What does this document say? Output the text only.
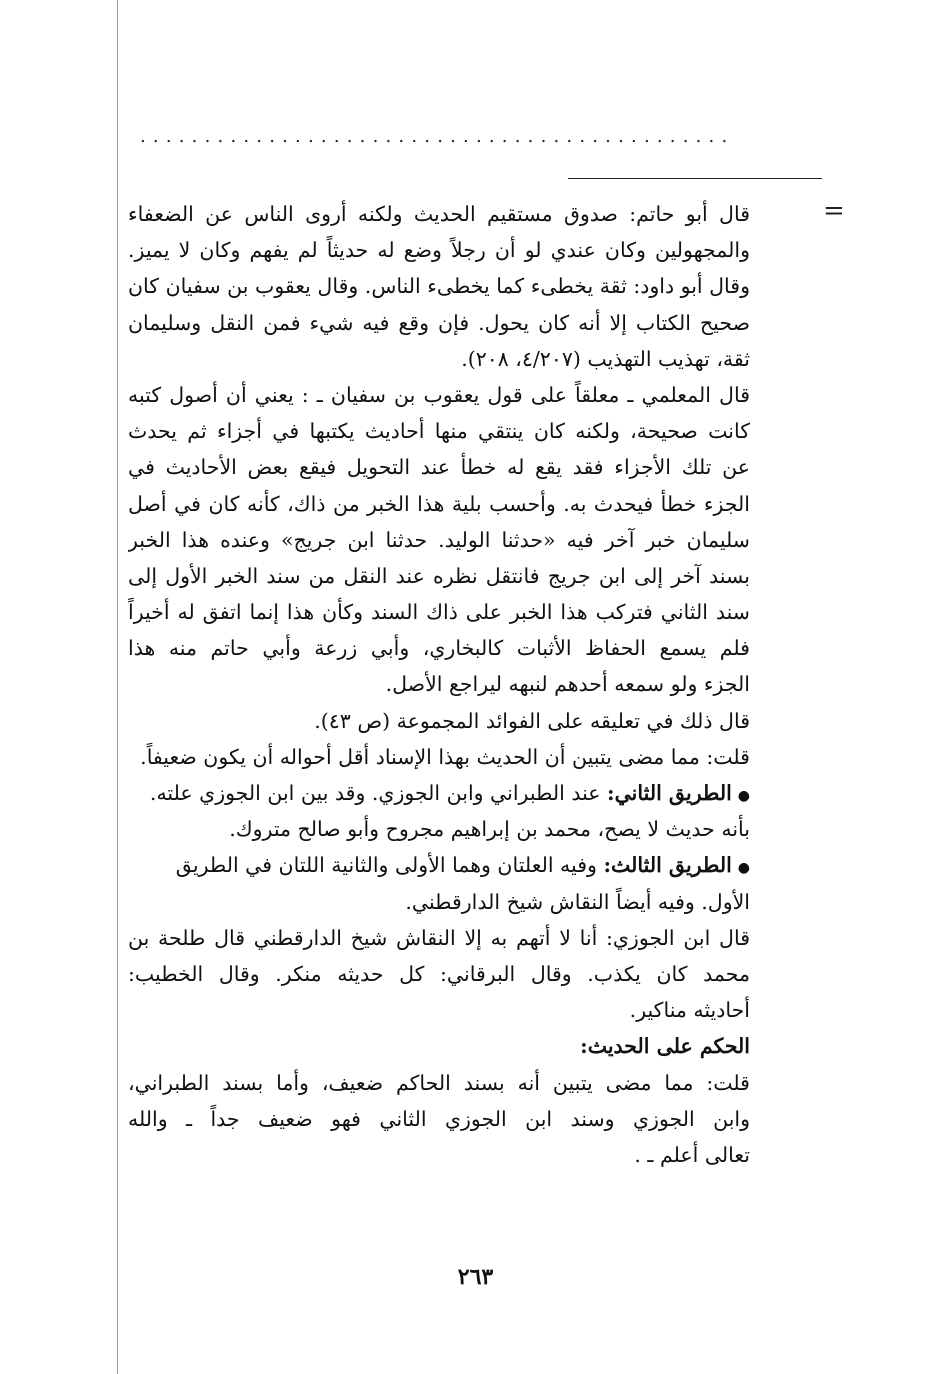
..............................................
=
قال أبو حاتم: صدوق مستقيم الحديث ولكنه أروى الناس عن الضعفاء
والمجهولين وكان عندي لو أن رجلاً وضع له حديثاً لم يفهم وكان لا يميز.
وقال أبو داود: ثقة يخطىء كما يخطىء الناس. وقال يعقوب بن سفيان كان
صحيح الكتاب إلا أنه كان يحول. فإن وقع فيه شيء فمن النقل وسليمان
ثقة، تهذيب التهذيب (٤/٢٠٧، ٢٠٨).
قال المعلمي ـ معلقاً على قول يعقوب بن سفيان ـ : يعني أن أصول كتبه
كانت صحيحة، ولكنه كان ينتقي منها أحاديث يكتبها في أجزاء ثم يحدث
عن تلك الأجزاء فقد يقع له خطأ عند التحويل فيقع بعض الأحاديث في
الجزء خطأ فيحدث به. وأحسب بلية هذا الخبر من ذاك، كأنه كان في أصل
سليمان خبر آخر فيه «حدثنا الوليد. حدثنا ابن جريج» وعنده هذا الخبر
بسند آخر إلى ابن جريج فانتقل نظره عند النقل من سند الخبر الأول إلى
سند الثاني فتركب هذا الخبر على ذاك السند وكأن هذا إنما اتفق له أخيراً
فلم يسمع الحفاظ الأثبات كالبخاري، وأبي زرعة وأبي حاتم منه هذا
الجزء ولو سمعه أحدهم لنبهه ليراجع الأصل.
قال ذلك في تعليقه على الفوائد المجموعة (ص ٤٣).
قلت: مما مضى يتبين أن الحديث بهذا الإسناد أقل أحواله أن يكون ضعيفاً.
●الطريق الثاني: عند الطبراني وابن الجوزي. وقد بين ابن الجوزي علته.
بأنه حديث لا يصح، محمد بن إبراهيم مجروح وأبو صالح متروك.
●الطريق الثالث: وفيه العلتان وهما الأولى والثانية اللتان في الطريق
الأول. وفيه أيضاً النقاش شيخ الدارقطني.
قال ابن الجوزي: أنا لا أتهم به إلا النقاش شيخ الدارقطني قال طلحة بن
محمد كان يكذب. وقال البرقاني: كل حديثه منكر. وقال الخطيب:
أحاديثه مناكير.
الحكم على الحديث:
قلت: مما مضى يتبين أنه بسند الحاكم ضعيف، وأما بسند الطبراني،
وابن الجوزي وسند ابن الجوزي الثاني فهو ضعيف جداً ـ والله
تعالى أعلم ـ .
٢٦٣
